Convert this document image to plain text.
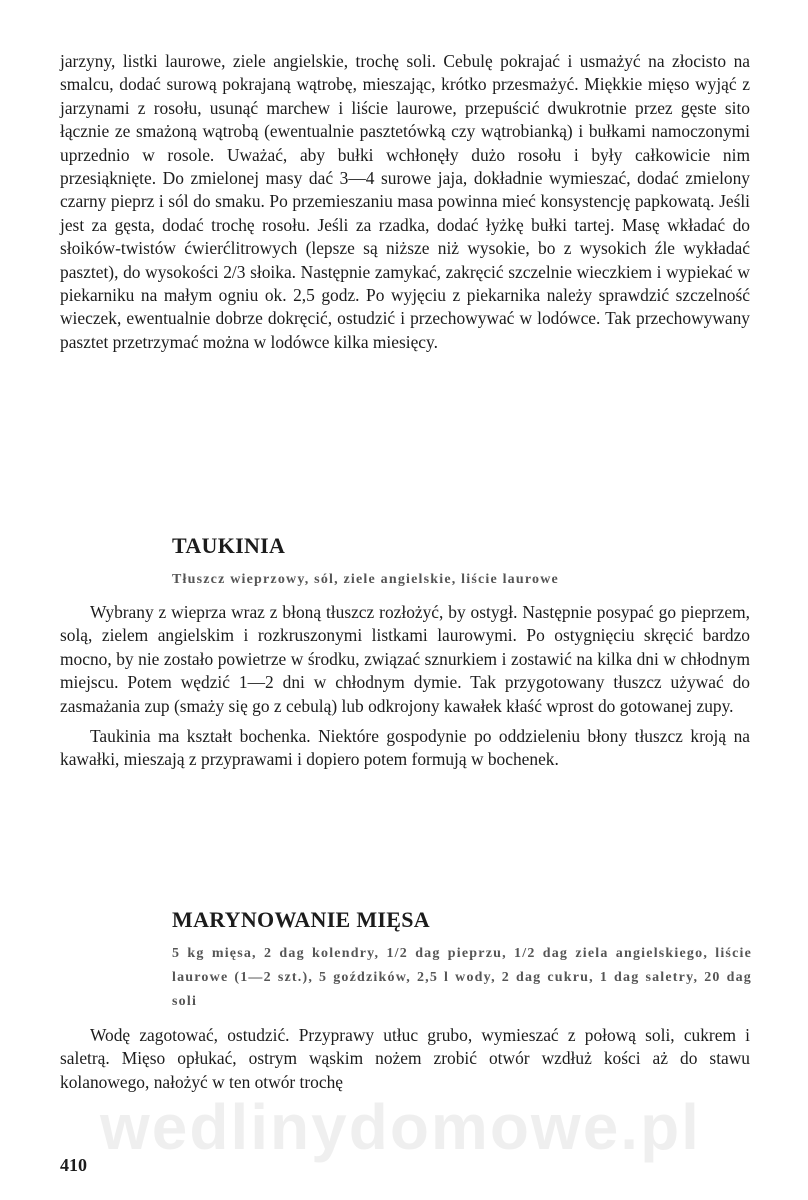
jarzyny, listki laurowe, ziele angielskie, trochę soli. Cebulę pokrajać i usmażyć na złocisto na smalcu, dodać surową pokrajaną wątrobę, mieszając, krótko przesmażyć. Miękkie mięso wyjąć z jarzynami z rosołu, usunąć marchew i liście laurowe, przepuścić dwukrotnie przez gęste sito łącznie ze smażoną wątrobą (ewentualnie pasztetówką czy wątrobianką) i bułkami namoczonymi uprzednio w rosole. Uważać, aby bułki wchłonęły dużo rosołu i były całkowicie nim przesiąknięte. Do zmielonej masy dać 3—4 surowe jaja, dokładnie wymieszać, dodać zmielony czarny pieprz i sól do smaku. Po przemieszaniu masa powinna mieć konsystencję papkowatą. Jeśli jest za gęsta, dodać trochę rosołu. Jeśli za rzadka, dodać łyżkę bułki tartej. Masę wkładać do słoików-twistów ćwierćlitrowych (lepsze są niższe niż wysokie, bo z wysokich źle wykładać pasztet), do wysokości 2/3 słoika. Następnie zamykać, zakręcić szczelnie wieczkiem i wypiekać w piekarniku na małym ogniu ok. 2,5 godz. Po wyjęciu z piekarnika należy sprawdzić szczelność wieczek, ewentualnie dobrze dokręcić, ostudzić i przechowywać w lodówce. Tak przechowywany pasztet przetrzymać można w lodówce kilka miesięcy.

TAUKINIA

Tłuszcz wieprzowy, sól, ziele angielskie, liście laurowe

Wybrany z wieprza wraz z błoną tłuszcz rozłożyć, by ostygł. Następnie posypać go pieprzem, solą, zielem angielskim i rozkruszonymi listkami laurowymi. Po ostygnięciu skręcić bardzo mocno, by nie zostało powietrze w środku, związać sznurkiem i zostawić na kilka dni w chłodnym miejscu. Potem wędzić 1—2 dni w chłodnym dymie. Tak przygotowany tłuszcz używać do zasmażania zup (smaży się go z cebulą) lub odkrojony kawałek kłaść wprost do gotowanej zupy.

Taukinia ma kształt bochenka. Niektóre gospodynie po oddzieleniu błony tłuszcz kroją na kawałki, mieszają z przyprawami i dopiero potem formują w bochenek.

MARYNOWANIE MIĘSA

5 kg mięsa, 2 dag kolendry, 1/2 dag pieprzu, 1/2 dag ziela angielskiego, liście laurowe (1—2 szt.), 5 goździków, 2,5 l wody, 2 dag cukru, 1 dag saletry, 20 dag soli

Wodę zagotować, ostudzić. Przyprawy utłuc grubo, wymieszać z połową soli, cukrem i saletrą. Mięso opłukać, ostrym wąskim nożem zrobić otwór wzdłuż kości aż do stawu kolanowego, nałożyć w ten otwór trochę

wedlinydomowe.pl
410
